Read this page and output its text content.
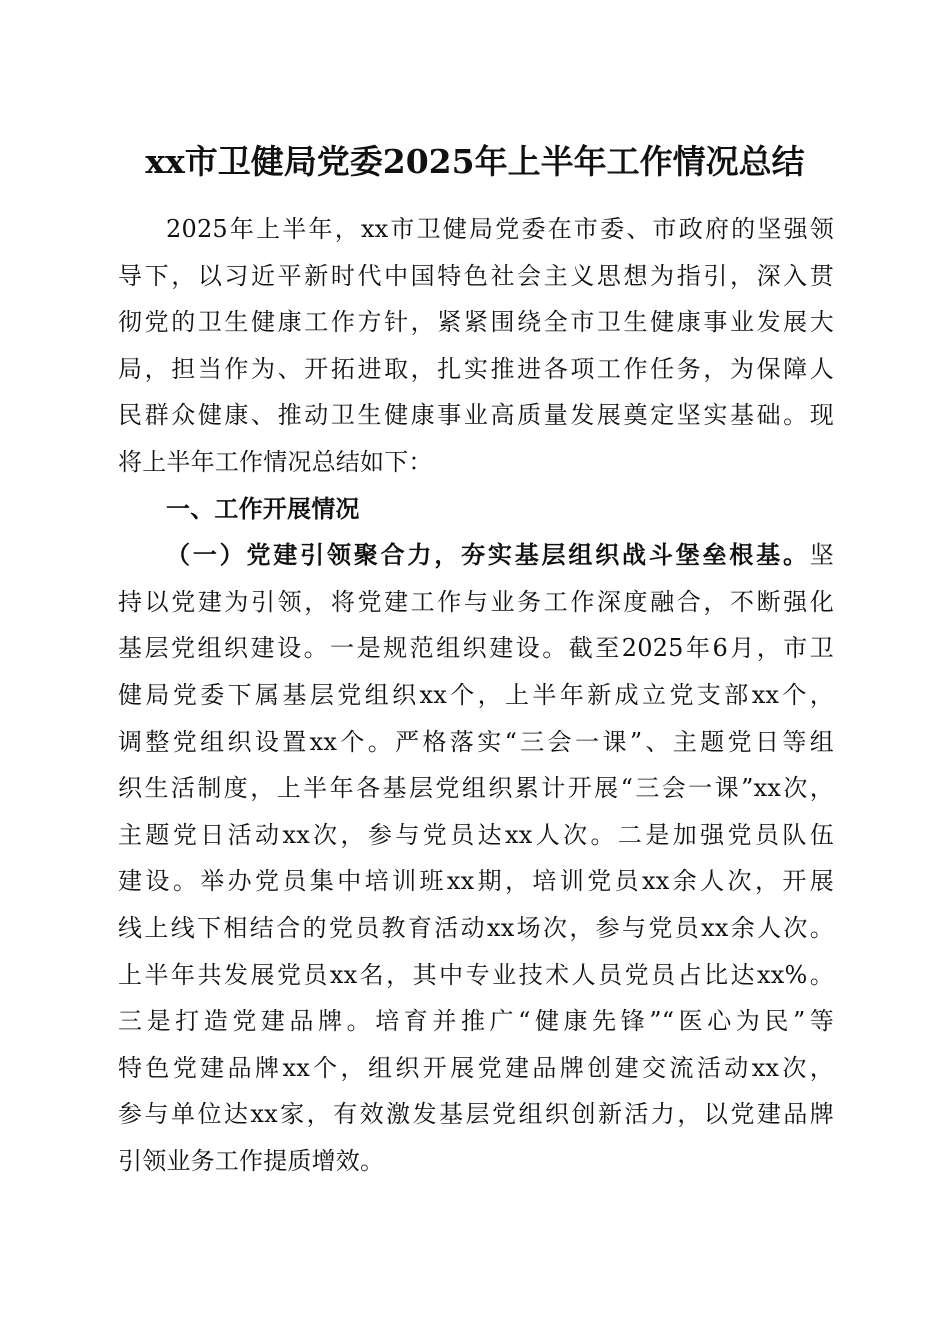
xx市卫健局党委2025年上半年工作情况总结
2025年上半年，xx市卫健局党委在市委、市政府的坚强领
导下，以习近平新时代中国特色社会主义思想为指引，深入贯
彻党的卫生健康工作方针，紧紧围绕全市卫生健康事业发展大
局，担当作为、开拓进取，扎实推进各项工作任务，为保障人
民群众健康、推动卫生健康事业高质量发展奠定坚实基础。现
将上半年工作情况总结如下：
一、工作开展情况
（一）党建引领聚合力，夯实基层组织战斗堡垒根基。坚
持以党建为引领，将党建工作与业务工作深度融合，不断强化
基层党组织建设。一是规范组织建设。截至2025年6月，市卫
健局党委下属基层党组织xx个，上半年新成立党支部xx个，
调整党组织设置xx个。严格落实“三会一课”、主题党日等组
织生活制度，上半年各基层党组织累计开展“三会一课”xx次，
主题党日活动xx次，参与党员达xx人次。二是加强党员队伍
建设。举办党员集中培训班xx期，培训党员xx余人次，开展
线上线下相结合的党员教育活动xx场次，参与党员xx余人次。
上半年共发展党员xx名，其中专业技术人员党员占比达xx%。
三是打造党建品牌。培育并推广“健康先锋”“医心为民”等
特色党建品牌xx个，组织开展党建品牌创建交流活动xx次，
参与单位达xx家，有效激发基层党组织创新活力，以党建品牌
引领业务工作提质增效。
